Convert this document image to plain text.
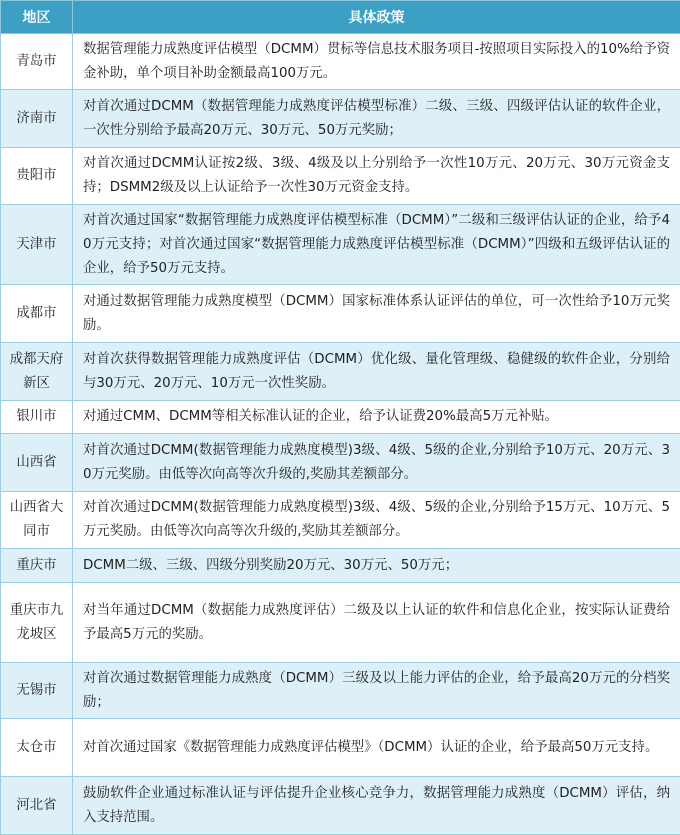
地区	具体政策
青岛市	数据管理能力成熟度评估模型（DCMM）贯标等信息技术服务项目-按照项目实际投入的10%给予资金补助，单个项目补助金额最高100万元。
济南市	对首次通过DCMM（数据管理能力成熟度评估模型标准）二级、三级、四级评估认证的软件企业，一次性分别给予最高20万元、30万元、50万元奖励；
贵阳市	对首次通过DCMM认证按2级、3级、4级及以上分别给予一次性10万元、20万元、30万元资金支持；DSMM2级及以上认证给予一次性30万元资金支持。
天津市	对首次通过国家“数据管理能力成熟度评估模型标准（DCMM）”二级和三级评估认证的企业，给予40万元支持；对首次通过国家“数据管理能力成熟度评估模型标准（DCMM）”四级和五级评估认证的企业，给予50万元支持。
成都市	对通过数据管理能力成熟度模型（DCMM）国家标准体系认证评估的单位，可一次性给予10万元奖励。
成都天府新区	对首次获得数据管理能力成熟度评估（DCMM）优化级、量化管理级、稳健级的软件企业，分别给与30万元、20万元、10万元一次性奖励。
银川市	对通过CMM、DCMM等相关标准认证的企业，给予认证费20%最高5万元补贴。
山西省	对首次通过DCMM(数据管理能力成熟度模型)3级、4级、5级的企业,分别给予10万元、20万元、30万元奖励。由低等次向高等次升级的,奖励其差额部分。
山西省大同市	对首次通过DCMM(数据管理能力成熟度模型)3级、4级、5级的企业,分别给予15万元、10万元、5万元奖励。由低等次向高等次升级的,奖励其差额部分。
重庆市	DCMM二级、三级、四级分别奖励20万元、30万元、50万元；
重庆市九龙坡区	对当年通过DCMM（数据能力成熟度评估）二级及以上认证的软件和信息化企业，按实际认证费给予最高5万元的奖励。
无锡市	对首次通过数据管理能力成熟度（DCMM）三级及以上能力评估的企业，给予最高20万元的分档奖励；
太仓市	对首次通过国家《数据管理能力成熟度评估模型》（DCMM）认证的企业，给予最高50万元支持。
河北省	鼓励软件企业通过标准认证与评估提升企业核心竞争力，数据管理能力成熟度（DCMM）评估，纳入支持范围。
